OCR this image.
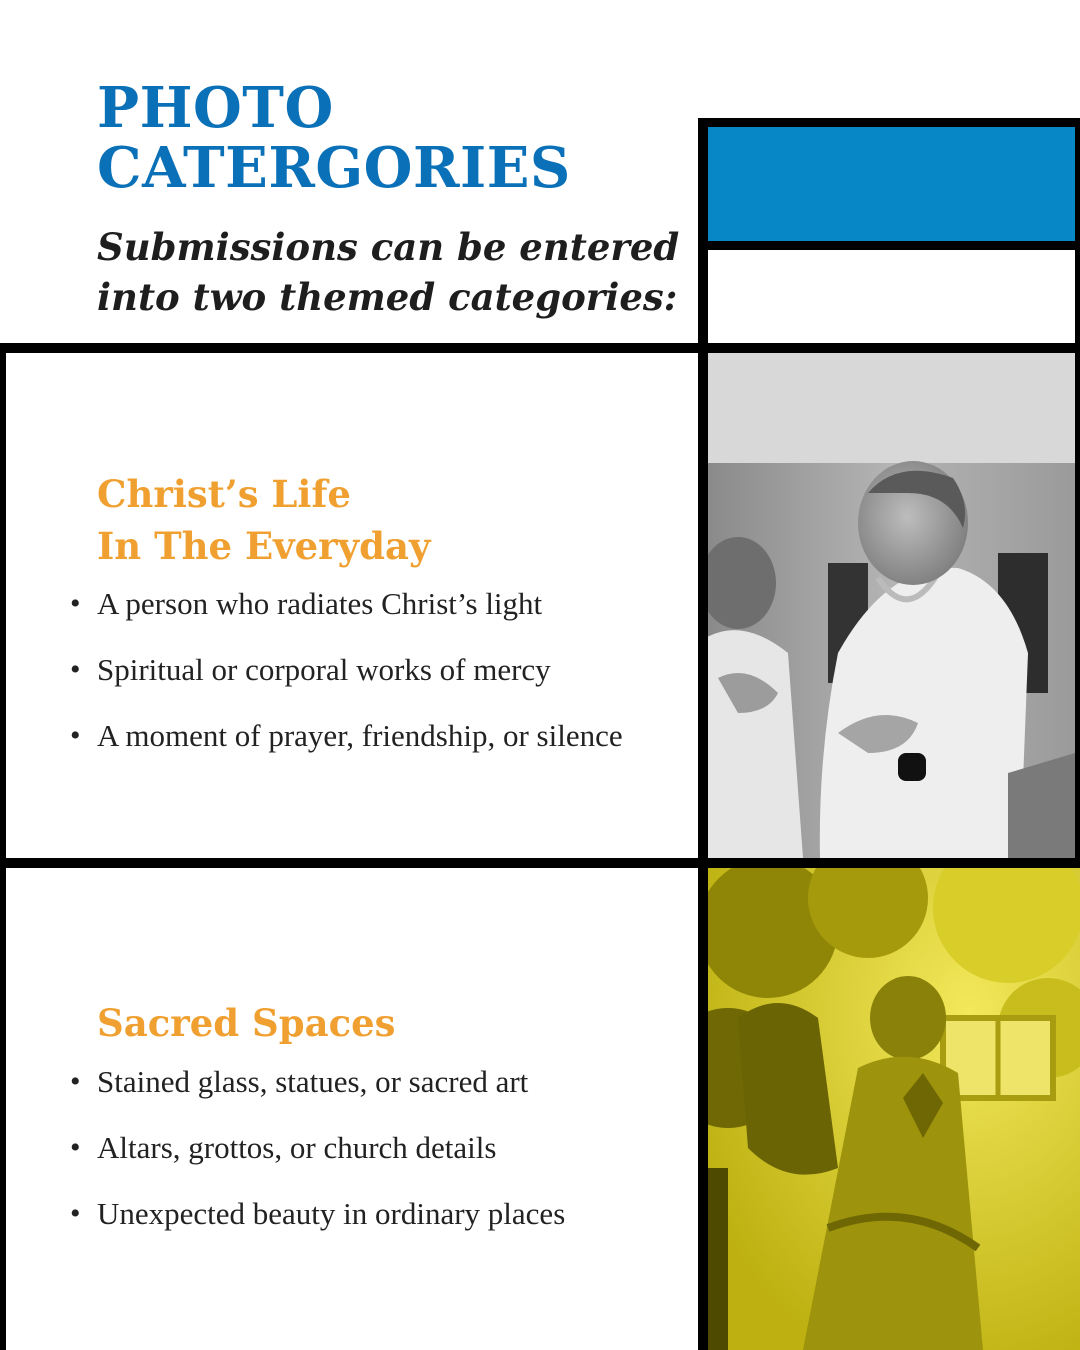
PHOTO
CATERGORIES
Submissions can be entered
into two themed categories:
Christ’s Life
In The Everyday
• A person who radiates Christ’s light
• Spiritual or corporal works of mercy
• A moment of prayer, friendship, or silence
Sacred Spaces
• Stained glass, statues, or sacred art
• Altars, grottos, or church details
• Unexpected beauty in ordinary places
